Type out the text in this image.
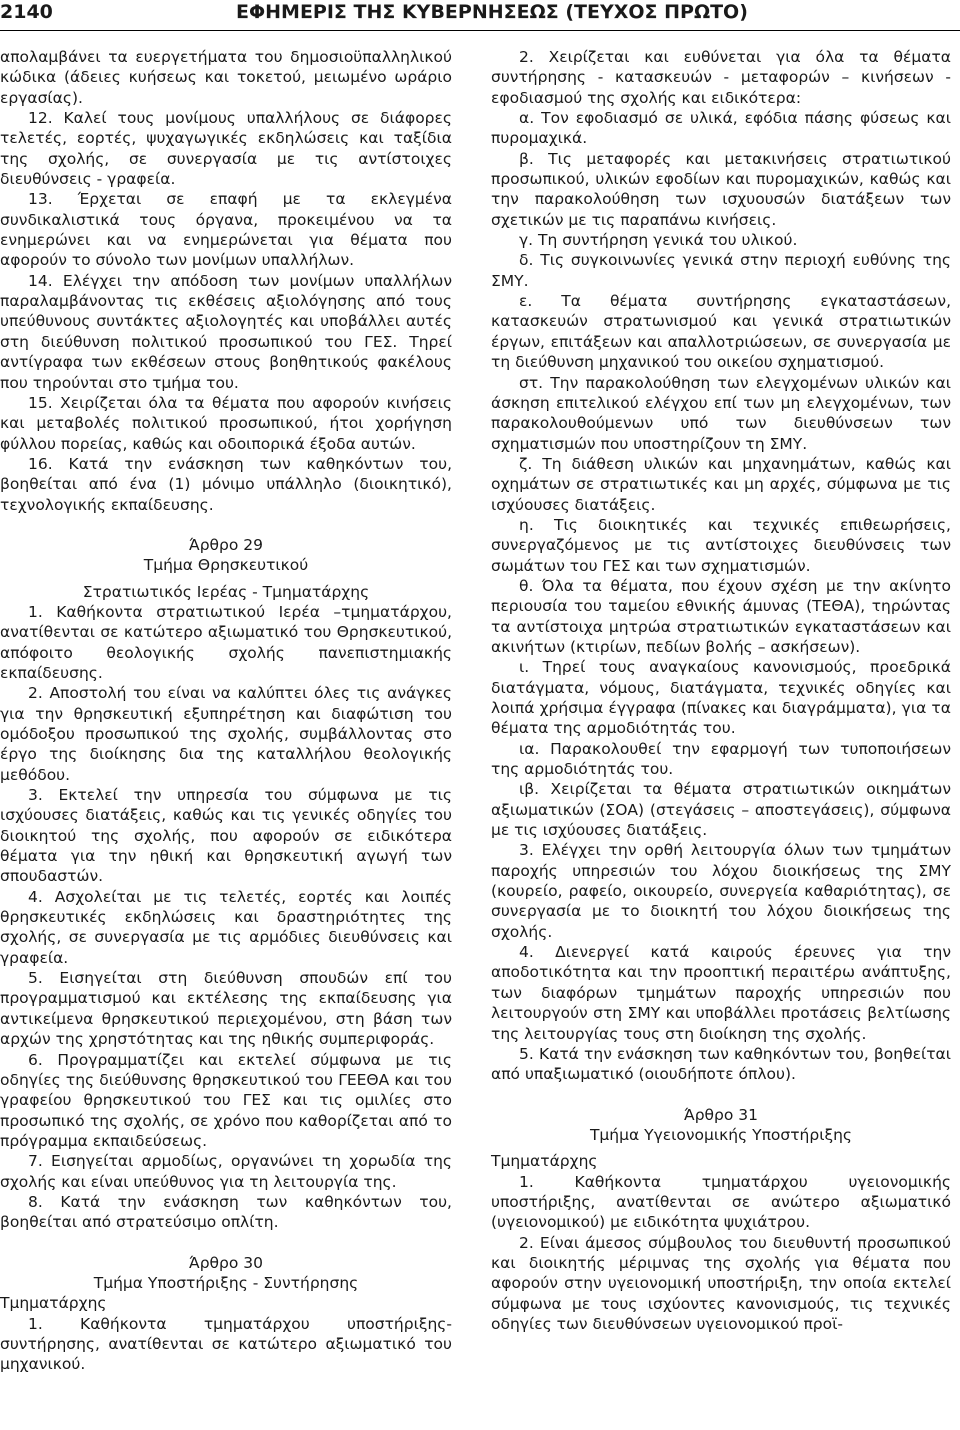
2140	ΕΦΗΜΕΡΙΣ ΤΗΣ ΚΥΒΕΡΝΗΣΕΩΣ (ΤΕΥΧΟΣ ΠΡΩΤΟ)

απολαμβάνει τα ευεργετήματα του δημοσιοϋπαλληλικού κώδικα (άδειες κυήσεως και τοκετού, μειωμένο ωράριο εργασίας).

12. Καλεί τους μονίμους υπαλλήλους σε διάφορες τελετές, εορτές, ψυχαγωγικές εκδηλώσεις και ταξίδια της σχολής, σε συνεργασία με τις αντίστοιχες διευθύνσεις - γραφεία.

13. Έρχεται σε επαφή με τα εκλεγμένα συνδικαλιστικά τους όργανα, προκειμένου να τα ενημερώνει και να ενημερώνεται για θέματα που αφορούν το σύνολο των μονίμων υπαλλήλων.

14. Ελέγχει την απόδοση των μονίμων υπαλλήλων παραλαμβάνοντας τις εκθέσεις αξιολόγησης από τους υπεύθυνους συντάκτες αξιολογητές και υποβάλλει αυτές στη διεύθυνση πολιτικού προσωπικού του ΓΕΣ. Τηρεί αντίγραφα των εκθέσεων στους βοηθητικούς φακέλους που τηρούνται στο τμήμα του.

15. Χειρίζεται όλα τα θέματα που αφορούν κινήσεις και μεταβολές πολιτικού προσωπικού, ήτοι χορήγηση φύλλου πορείας, καθώς και οδοιπορικά έξοδα αυτών.

16. Κατά την ενάσκηση των καθηκόντων του, βοηθείται από ένα (1) μόνιμο υπάλληλο (διοικητικό), τεχνολογικής εκπαίδευσης.

Άρθρο 29

Τμήμα Θρησκευτικού

Στρατιωτικός Ιερέας - Τμηματάρχης

1. Καθήκοντα στρατιωτικού Ιερέα –τμηματάρχου, ανατίθενται σε κατώτερο αξιωματικό του Θρησκευτικού, απόφοιτο θεολογικής σχολής πανεπιστημιακής εκπαίδευσης.

2. Αποστολή του είναι να καλύπτει όλες τις ανάγκες για την θρησκευτική εξυπηρέτηση και διαφώτιση του ομόδοξου προσωπικού της σχολής, συμβάλλοντας στο έργο της διοίκησης δια της καταλλήλου θεολογικής μεθόδου.

3. Εκτελεί την υπηρεσία του σύμφωνα με τις ισχύουσες διατάξεις, καθώς και τις γενικές οδηγίες του διοικητού της σχολής, που αφορούν σε ειδικότερα θέματα για την ηθική και θρησκευτική αγωγή των σπουδαστών.

4. Ασχολείται με τις τελετές, εορτές και λοιπές θρησκευτικές εκδηλώσεις και δραστηριότητες της σχολής, σε συνεργασία με τις αρμόδιες διευθύνσεις και γραφεία.

5. Εισηγείται στη διεύθυνση σπουδών επί του προγραμματισμού και εκτέλεσης της εκπαίδευσης για αντικείμενα θρησκευτικού περιεχομένου, στη βάση των αρχών της χρηστότητας και της ηθικής συμπεριφοράς.

6. Προγραμματίζει και εκτελεί σύμφωνα με τις οδηγίες της διεύθυνσης θρησκευτικού του ΓΕΕΘΑ και του γραφείου θρησκευτικού του ΓΕΣ και τις ομιλίες στο προσωπικό της σχολής, σε χρόνο που καθορίζεται από το πρόγραμμα εκπαιδεύσεως.

7. Εισηγείται αρμοδίως, οργανώνει τη χορωδία της σχολής και είναι υπεύθυνος για τη λειτουργία της.

8. Κατά την ενάσκηση των καθηκόντων του, βοηθείται από στρατεύσιμο οπλίτη.

Άρθρο 30

Τμήμα Υποστήριξης - Συντήρησης

Τμηματάρχης

1. Καθήκοντα τμηματάρχου υποστήριξης-συντήρησης, ανατίθενται σε κατώτερο αξιωματικό του μηχανικού.

2. Χειρίζεται και ευθύνεται για όλα τα θέματα συντήρησης - κατασκευών - μεταφορών – κινήσεων - εφοδιασμού της σχολής και ειδικότερα:

α. Τον εφοδιασμό σε υλικά, εφόδια πάσης φύσεως και πυρομαχικά.

β. Τις μεταφορές και μετακινήσεις στρατιωτικού προσωπικού, υλικών εφοδίων και πυρομαχικών, καθώς και την παρακολούθηση των ισχυουσών διατάξεων των σχετικών με τις παραπάνω κινήσεις.

γ. Τη συντήρηση γενικά του υλικού.

δ. Τις συγκοινωνίες γενικά στην περιοχή ευθύνης της ΣΜΥ.

ε. Τα θέματα συντήρησης εγκαταστάσεων, κατασκευών στρατωνισμού και γενικά στρατιωτικών έργων, επιτάξεων και απαλλοτριώσεων, σε συνεργασία με τη διεύθυνση μηχανικού του οικείου σχηματισμού.

στ. Την παρακολούθηση των ελεγχομένων υλικών και άσκηση επιτελικού ελέγχου επί των μη ελεγχομένων, των παρακολουθούμενων υπό των διευθύνσεων των σχηματισμών που υποστηρίζουν τη ΣΜΥ.

ζ. Τη διάθεση υλικών και μηχανημάτων, καθώς και οχημάτων σε στρατιωτικές και μη αρχές, σύμφωνα με τις ισχύουσες διατάξεις.

η. Τις διοικητικές και τεχνικές επιθεωρήσεις, συνεργαζόμενος με τις αντίστοιχες διευθύνσεις των σωμάτων του ΓΕΣ και των σχηματισμών.

θ. Όλα τα θέματα, που έχουν σχέση με την ακίνητο περιουσία του ταμείου εθνικής άμυνας (ΤΕΘΑ), τηρώντας τα αντίστοιχα μητρώα στρατιωτικών εγκαταστάσεων και ακινήτων (κτιρίων, πεδίων βολής – ασκήσεων).

ι. Τηρεί τους αναγκαίους κανονισμούς, προεδρικά διατάγματα, νόμους, διατάγματα, τεχνικές οδηγίες και λοιπά χρήσιμα έγγραφα (πίνακες και διαγράμματα), για τα θέματα της αρμοδιότητάς του.

ια. Παρακολουθεί την εφαρμογή των τυποποιήσεων της αρμοδιότητάς του.

ιβ. Χειρίζεται τα θέματα στρατιωτικών οικημάτων αξιωματικών (ΣΟΑ) (στεγάσεις – αποστεγάσεις), σύμφωνα με τις ισχύουσες διατάξεις.

3. Ελέγχει την ορθή λειτουργία όλων των τμημάτων παροχής υπηρεσιών του λόχου διοικήσεως της ΣΜΥ (κουρείο, ραφείο, οικουρείο, συνεργεία καθαριότητας), σε συνεργασία με το διοικητή του λόχου διοικήσεως της σχολής.

4. Διενεργεί κατά καιρούς έρευνες για την αποδοτικότητα και την προοπτική περαιτέρω ανάπτυξης, των διαφόρων τμημάτων παροχής υπηρεσιών που λειτουργούν στη ΣΜΥ και υποβάλλει προτάσεις βελτίωσης της λειτουργίας τους στη διοίκηση της σχολής.

5. Κατά την ενάσκηση των καθηκόντων του, βοηθείται από υπαξιωματικό (οιουδήποτε όπλου).

Άρθρο 31

Τμήμα Υγειονομικής Υποστήριξης

Τμηματάρχης

1. Καθήκοντα τμηματάρχου υγειονομικής υποστήριξης, ανατίθενται σε ανώτερο αξιωματικό (υγειονομικού) με ειδικότητα ψυχιάτρου.

2. Είναι άμεσος σύμβουλος του διευθυντή προσωπικού και διοικητής μέριμνας της σχολής για θέματα που αφορούν στην υγειονομική υποστήριξη, την οποία εκτελεί σύμφωνα με τους ισχύοντες κανονισμούς, τις τεχνικές οδηγίες των διευθύνσεων υγειονομικού προϊ-
